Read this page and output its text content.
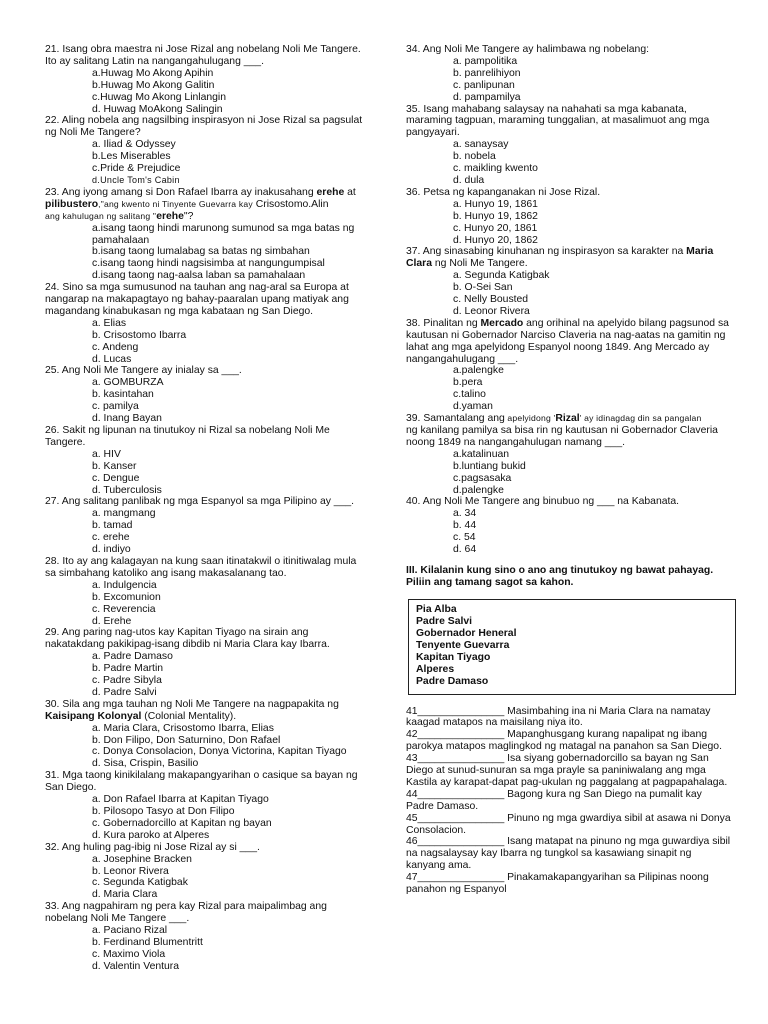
21. Isang obra maestra ni Jose Rizal ang nobelang Noli Me Tangere. Ito ay salitang Latin na nangangahulugang ___.

a.Huwag Mo Akong Apihin

b.Huwag Mo Akong Galitin

c.Huwag Mo Akong Linlangin

d. Huwag MoAkong Salingin

22. Aling nobela ang nagsilbing inspirasyon ni Jose Rizal sa pagsulat ng Noli Me Tangere?

a. Iliad & Odyssey

b.Les Miserables

c.Pride & Prejudice

d.Uncle Tom's Cabin

23. Ang iyong amang si Don Rafael Ibarra ay inakusahang erehe at
pilibustero,"ang kwento ni Tinyente Guevarra kay Crisostomo.Alin
ang kahulugan ng salitang "erehe"?

a.isang taong hindi marunong sumunod sa mga batas ng pamahalaan

b.isang taong lumalabag sa batas ng simbahan

c.isang taong hindi nagsisimba at nangungumpisal

d.isang taong nag-aalsa laban sa pamahalaan

24. Sino sa mga sumusunod na tauhan ang nag-aral sa Europa at nangarap na makapagtayo ng bahay-paaralan upang matiyak ang magandang kinabukasan ng mga kabataan ng San Diego.

a. Elias

b. Crisostomo Ibarra

c. Andeng

d. Lucas

25. Ang Noli Me Tangere ay inialay sa ___.

a. GOMBURZA

b. kasintahan

c. pamilya

d. Inang Bayan

26. Sakit ng lipunan na tinutukoy ni Rizal sa nobelang Noli Me Tangere.

a. HIV

b. Kanser

c. Dengue

d. Tuberculosis

27. Ang salitang panlibak ng mga Espanyol sa mga Pilipino ay ___.

a. mangmang

b. tamad

c. erehe

d. indiyo

28. Ito ay ang kalagayan na kung saan itinatakwil o itinitiwalag mula sa simbahang katoliko ang isang makasalanang tao.

a. Indulgencia

b. Excomunion

c. Reverencia

d. Erehe

29. Ang paring nag-utos kay Kapitan Tiyago na sirain ang nakatakdang pakikipag-isang dibdib ni Maria Clara kay Ibarra.

a. Padre Damaso

b. Padre Martin

c. Padre Sibyla

d. Padre Salvi

30. Sila ang mga tauhan ng Noli Me Tangere na nagpapakita ng
Kaisipang Kolonyal (Colonial Mentality).

a. Maria Clara, Crisostomo Ibarra, Elias

b. Don Filipo, Don Saturnino, Don Rafael

c. Donya Consolacion, Donya Victorina, Kapitan Tiyago

d. Sisa, Crispin, Basilio

31. Mga taong kinikilalang makapangyarihan o casique sa bayan ng San Diego.

a. Don Rafael Ibarra at Kapitan Tiyago

b. Pilosopo Tasyo at Don Filipo

c. Gobernadorcillo at Kapitan ng bayan

d. Kura paroko at Alperes

32. Ang huling pag-ibig ni Jose Rizal ay si ___.

a. Josephine Bracken

b. Leonor Rivera

c. Segunda Katigbak

d. Maria Clara

33. Ang nagpahiram ng pera kay Rizal para maipalimbag ang nobelang Noli Me Tangere ___.

a. Paciano Rizal

b. Ferdinand Blumentritt

c. Maximo Viola

d. Valentin Ventura

34. Ang Noli Me Tangere ay halimbawa ng nobelang:

a. pampolitika

b. panrelihiyon

c. panlipunan

d. pampamilya

35. Isang mahabang salaysay na nahahati sa mga kabanata, maraming tagpuan, maraming tunggalian, at masalimuot ang mga pangyayari.

a. sanaysay

b. nobela

c. maikling kwento

d. dula

36. Petsa ng kapanganakan ni Jose Rizal.

a. Hunyo 19, 1861

b. Hunyo 19, 1862

c. Hunyo 20, 1861

d. Hunyo 20, 1862

37. Ang sinasabing kinuhanan ng inspirasyon sa karakter na Maria Clara ng Noli Me Tangere.

a. Segunda Katigbak

b. O-Sei San

c. Nelly Bousted

d. Leonor Rivera

38. Pinalitan ng Mercado ang orihinal na apelyido bilang pagsunod sa kautusan ni Gobernador Narciso Claveria na nag-aatas na gamitin ng lahat ang mga apelyidong Espanyol noong 1849. Ang Mercado ay nangangahulugang ___.

a.palengke

b.pera

c.talino

d.yaman

39. Samantalang ang apelyidong 'Rizal' ay idinagdag din sa pangalan
ng kanilang pamilya sa bisa rin ng kautusan ni Gobernador Claveria noong 1849 na nangangahulugan namang ___.

a.katalinuan

b.luntiang bukid

c.pagsasaka

d.palengke

40. Ang Noli Me Tangere ang binubuo ng ___ na Kabanata.

a. 34

b. 44

c. 54

d. 64

III. Kilalanin kung sino o ano ang tinutukoy ng bawat pahayag. Piliin ang tamang sagot sa kahon.

Pia Alba
Padre Salvi
Gobernador Heneral
Tenyente Guevarra
Kapitan Tiyago
Alperes
Padre Damaso

41_______________ Masimbahing ina ni Maria Clara na namatay kaagad matapos na maisilang niya ito.

42_______________ Mapanghusgang kurang napalipat ng ibang parokya matapos maglingkod ng matagal na panahon sa San Diego.

43_______________ Isa siyang gobernadorcillo sa bayan ng San Diego at sunud-sunuran sa mga prayle sa paniniwalang ang mga Kastila ay karapat-dapat pag-ukulan ng paggalang at pagpapahalaga.

44_______________ Bagong kura ng San Diego na pumalit kay Padre Damaso.

45_______________ Pinuno ng mga gwardiya sibil at asawa ni Donya Consolacion.

46_______________ Isang matapat na pinuno ng mga guwardiya sibil na nagsalaysay kay Ibarra ng tungkol sa kasawiang sinapit ng kanyang ama.

47_______________ Pinakamakapangyarihan sa Pilipinas noong panahon ng Espanyol
